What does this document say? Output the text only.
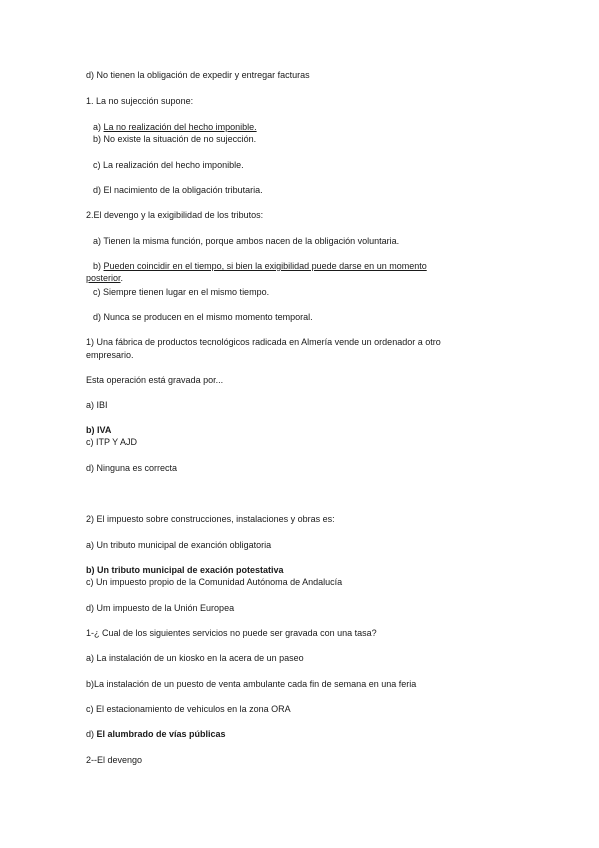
d) No tienen la obligación de expedir y entregar facturas
1. La no sujección supone:
a) La no realización del hecho imponible.
b) No existe la situación de no sujección.
c) La realización del hecho imponible.
d) El nacimiento de la obligación tributaria.
2.El devengo y la exigibilidad de los tributos:
a) Tienen la misma función, porque ambos nacen de la obligación voluntaria.
b) Pueden coincidir en el tiempo, si bien la exigibilidad puede darse en un momento
posterior.
c) Siempre tienen lugar en el mismo tiempo.
d) Nunca se producen en el mismo momento temporal.
1) Una fábrica de productos tecnológicos radicada en Almería vende un ordenador a otro
empresario.
Esta operación está gravada por...
a) IBI
b) IVA
c) ITP Y AJD
d) Ninguna es correcta
2) El impuesto sobre construcciones, instalaciones y obras es:
a) Un tributo municipal de exanción obligatoria
b) Un tributo municipal de exación potestativa
c) Un impuesto propio de la Comunidad Autónoma de Andalucía
d) Um impuesto de la Unión Europea
1-¿ Cual de los siguientes servicios no puede ser gravada con una tasa?
a) La instalación de un kiosko en la acera de un paseo
b)La instalación de un puesto de venta ambulante cada fin de semana en una feria
c) El estacionamiento de vehiculos en la zona ORA
d) El alumbrado de vías públicas
2--El devengo
